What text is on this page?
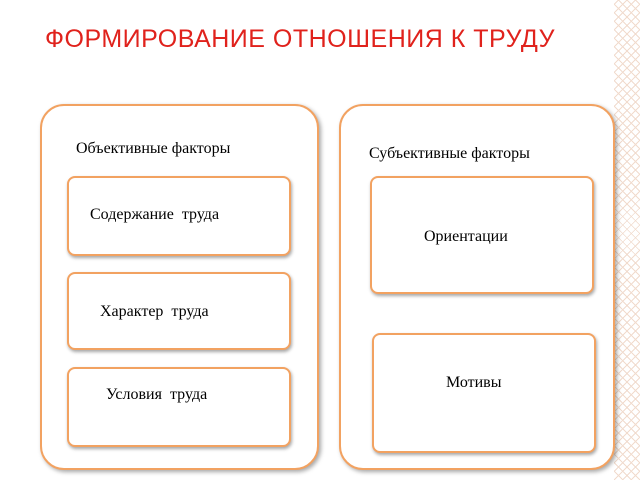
ФОРМИРОВАНИЕ ОТНОШЕНИЯ К ТРУДУ
Объективные факторы
Содержание  труда
Характер  труда
Условия  труда
Субъективные факторы
Ориентации
Мотивы
